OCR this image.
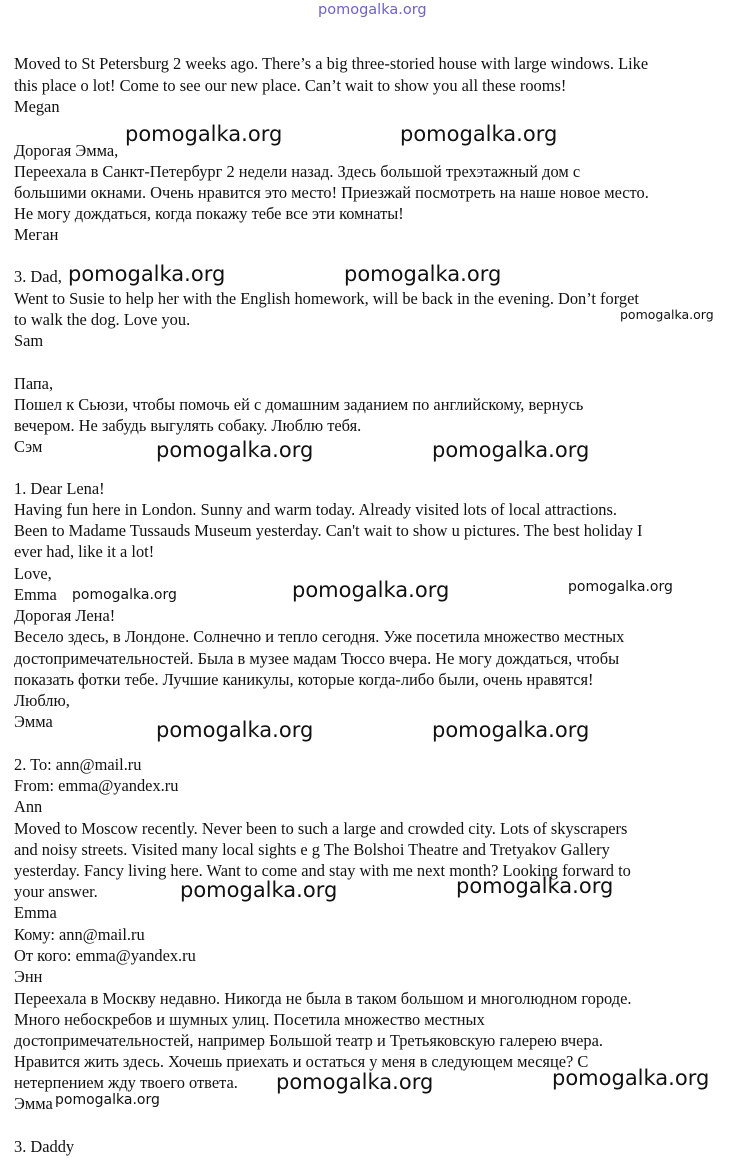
pomogalka.org
Moved to St Petersburg 2 weeks ago. There’s a big three-storied house with large windows. Like
this place o lot! Come to see our new place. Can’t wait to show you all these rooms!
Megan
Дорогая Эмма,
Переехала в Санкт-Петербург 2 недели назад. Здесь большой трехэтажный дом с
большими окнами. Очень нравится это место! Приезжай посмотреть на наше новое место.
Не могу дождаться, когда покажу тебе все эти комнаты!
Меган
3. Dad,
Went to Susie to help her with the English homework, will be back in the evening. Don’t forget
to walk the dog. Love you.
Sam
Папа,
Пошел к Сьюзи, чтобы помочь ей с домашним заданием по английскому, вернусь
вечером. Не забудь выгулять собаку. Люблю тебя.
Сэм
1. Dear Lena!
Having fun here in London. Sunny and warm today. Already visited lots of local attractions.
Been to Madame Tussauds Museum yesterday. Can't wait to show u pictures. The best holiday I
ever had, like it a lot!
Love,
Emma
Дорогая Лена!
Весело здесь, в Лондоне. Солнечно и тепло сегодня. Уже посетила множество местных
достопримечательностей. Была в музее мадам Тюссо вчера. Не могу дождаться, чтобы
показать фотки тебе. Лучшие каникулы, которые когда-либо были, очень нравятся!
Люблю,
Эмма
2. To: ann@mail.ru
From: emma@yandex.ru
Ann
Moved to Moscow recently. Never been to such a large and crowded city. Lots of skyscrapers
and noisy streets. Visited many local sights e g The Bolshoi Theatre and Tretyakov Gallery
yesterday. Fancy living here. Want to come and stay with me next month? Looking forward to
your answer.
Emma
Кому: ann@mail.ru
От кого: emma@yandex.ru
Энн
Переехала в Москву недавно. Никогда не была в таком большом и многолюдном городе.
Много небоскребов и шумных улиц. Посетила множество местных
достопримечательностей, например Большой театр и Третьяковскую галерею вчера.
Нравится жить здесь. Хочешь приехать и остаться у меня в следующем месяце? С
нетерпением жду твоего ответа.
Эмма
3. Daddy
pomogalka.org	pomogalka.org
pomogalka.org	pomogalka.org
pomogalka.org
pomogalka.org	pomogalka.org
pomogalka.org	pomogalka.org	pomogalka.org
pomogalka.org	pomogalka.org
pomogalka.org	pomogalka.org
pomogalka.org	pomogalka.org
pomogalka.org
